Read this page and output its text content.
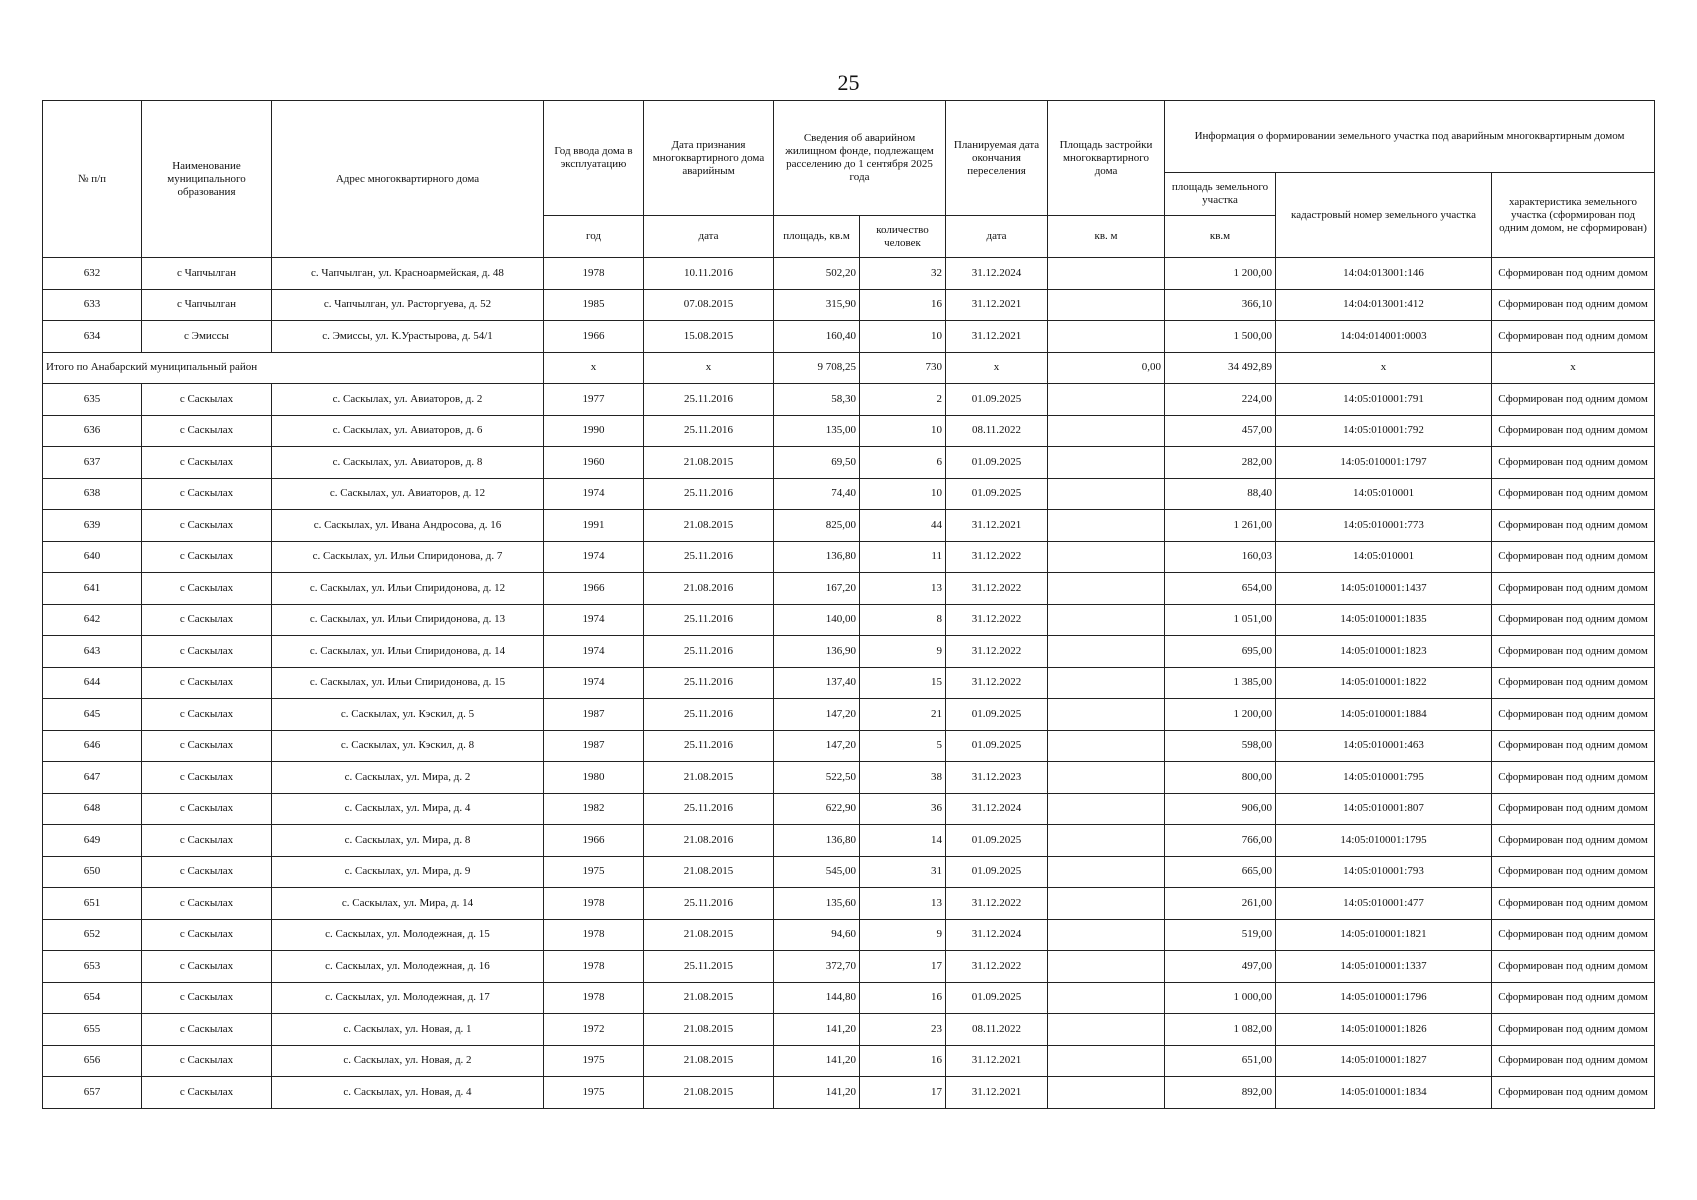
25
№ п/п	Наименование муниципального образования	Адрес многоквартирного дома	Год ввода дома в эксплуатацию	Дата признания многоквартирного дома аварийным	Сведения об аварийном жилищном фонде, подлежащем расселению до 1 сентября 2025 года		Планируемая дата окончания переселения	Площадь застройки многоквартирного дома	Информация о формировании земельного участка под аварийным многоквартирным домом		
									площадь земельного участка	кадастровый номер земельного участка	характеристика земельного участка (сформирован под одним домом, не сформирован)
			год	дата	площадь, кв.м	количество человек	дата	кв. м	кв.м		
632	с Чапчылган	с. Чапчылган, ул. Красноармейская, д. 48	1978	10.11.2016	502,20	32	31.12.2024		1 200,00	14:04:013001:146	Сформирован под одним домом
633	с Чапчылган	с. Чапчылган, ул. Расторгуева, д. 52	1985	07.08.2015	315,90	16	31.12.2021		366,10	14:04:013001:412	Сформирован под одним домом
634	с Эмиссы	с. Эмиссы, ул. К.Урастырова, д. 54/1	1966	15.08.2015	160,40	10	31.12.2021		1 500,00	14:04:014001:0003	Сформирован под одним домом
Итого по Анабарский муниципальный район			x	x	9 708,25	730	x	0,00	34 492,89	x	x
635	с Саскылах	с. Саскылах, ул. Авиаторов, д. 2	1977	25.11.2016	58,30	2	01.09.2025		224,00	14:05:010001:791	Сформирован под одним домом
636	с Саскылах	с. Саскылах, ул. Авиаторов, д. 6	1990	25.11.2016	135,00	10	08.11.2022		457,00	14:05:010001:792	Сформирован под одним домом
637	с Саскылах	с. Саскылах, ул. Авиаторов, д. 8	1960	21.08.2015	69,50	6	01.09.2025		282,00	14:05:010001:1797	Сформирован под одним домом
638	с Саскылах	с. Саскылах, ул. Авиаторов, д. 12	1974	25.11.2016	74,40	10	01.09.2025		88,40	14:05:010001	Сформирован под одним домом
639	с Саскылах	с. Саскылах, ул. Ивана Андросова, д. 16	1991	21.08.2015	825,00	44	31.12.2021		1 261,00	14:05:010001:773	Сформирован под одним домом
640	с Саскылах	с. Саскылах, ул. Ильи Спиридонова, д. 7	1974	25.11.2016	136,80	11	31.12.2022		160,03	14:05:010001	Сформирован под одним домом
641	с Саскылах	с. Саскылах, ул. Ильи Спиридонова, д. 12	1966	21.08.2016	167,20	13	31.12.2022		654,00	14:05:010001:1437	Сформирован под одним домом
642	с Саскылах	с. Саскылах, ул. Ильи Спиридонова, д. 13	1974	25.11.2016	140,00	8	31.12.2022		1 051,00	14:05:010001:1835	Сформирован под одним домом
643	с Саскылах	с. Саскылах, ул. Ильи Спиридонова, д. 14	1974	25.11.2016	136,90	9	31.12.2022		695,00	14:05:010001:1823	Сформирован под одним домом
644	с Саскылах	с. Саскылах, ул. Ильи Спиридонова, д. 15	1974	25.11.2016	137,40	15	31.12.2022		1 385,00	14:05:010001:1822	Сформирован под одним домом
645	с Саскылах	с. Саскылах, ул. Кэскил, д. 5	1987	25.11.2016	147,20	21	01.09.2025		1 200,00	14:05:010001:1884	Сформирован под одним домом
646	с Саскылах	с. Саскылах, ул. Кэскил, д. 8	1987	25.11.2016	147,20	5	01.09.2025		598,00	14:05:010001:463	Сформирован под одним домом
647	с Саскылах	с. Саскылах, ул. Мира, д. 2	1980	21.08.2015	522,50	38	31.12.2023		800,00	14:05:010001:795	Сформирован под одним домом
648	с Саскылах	с. Саскылах, ул. Мира, д. 4	1982	25.11.2016	622,90	36	31.12.2024		906,00	14:05:010001:807	Сформирован под одним домом
649	с Саскылах	с. Саскылах, ул. Мира, д. 8	1966	21.08.2016	136,80	14	01.09.2025		766,00	14:05:010001:1795	Сформирован под одним домом
650	с Саскылах	с. Саскылах, ул. Мира, д. 9	1975	21.08.2015	545,00	31	01.09.2025		665,00	14:05:010001:793	Сформирован под одним домом
651	с Саскылах	с. Саскылах, ул. Мира, д. 14	1978	25.11.2016	135,60	13	31.12.2022		261,00	14:05:010001:477	Сформирован под одним домом
652	с Саскылах	с. Саскылах, ул. Молодежная, д. 15	1978	21.08.2015	94,60	9	31.12.2024		519,00	14:05:010001:1821	Сформирован под одним домом
653	с Саскылах	с. Саскылах, ул. Молодежная, д. 16	1978	25.11.2015	372,70	17	31.12.2022		497,00	14:05:010001:1337	Сформирован под одним домом
654	с Саскылах	с. Саскылах, ул. Молодежная, д. 17	1978	21.08.2015	144,80	16	01.09.2025		1 000,00	14:05:010001:1796	Сформирован под одним домом
655	с Саскылах	с. Саскылах, ул. Новая, д. 1	1972	21.08.2015	141,20	23	08.11.2022		1 082,00	14:05:010001:1826	Сформирован под одним домом
656	с Саскылах	с. Саскылах, ул. Новая, д. 2	1975	21.08.2015	141,20	16	31.12.2021		651,00	14:05:010001:1827	Сформирован под одним домом
657	с Саскылах	с. Саскылах, ул. Новая, д. 4	1975	21.08.2015	141,20	17	31.12.2021		892,00	14:05:010001:1834	Сформирован под одним домом
